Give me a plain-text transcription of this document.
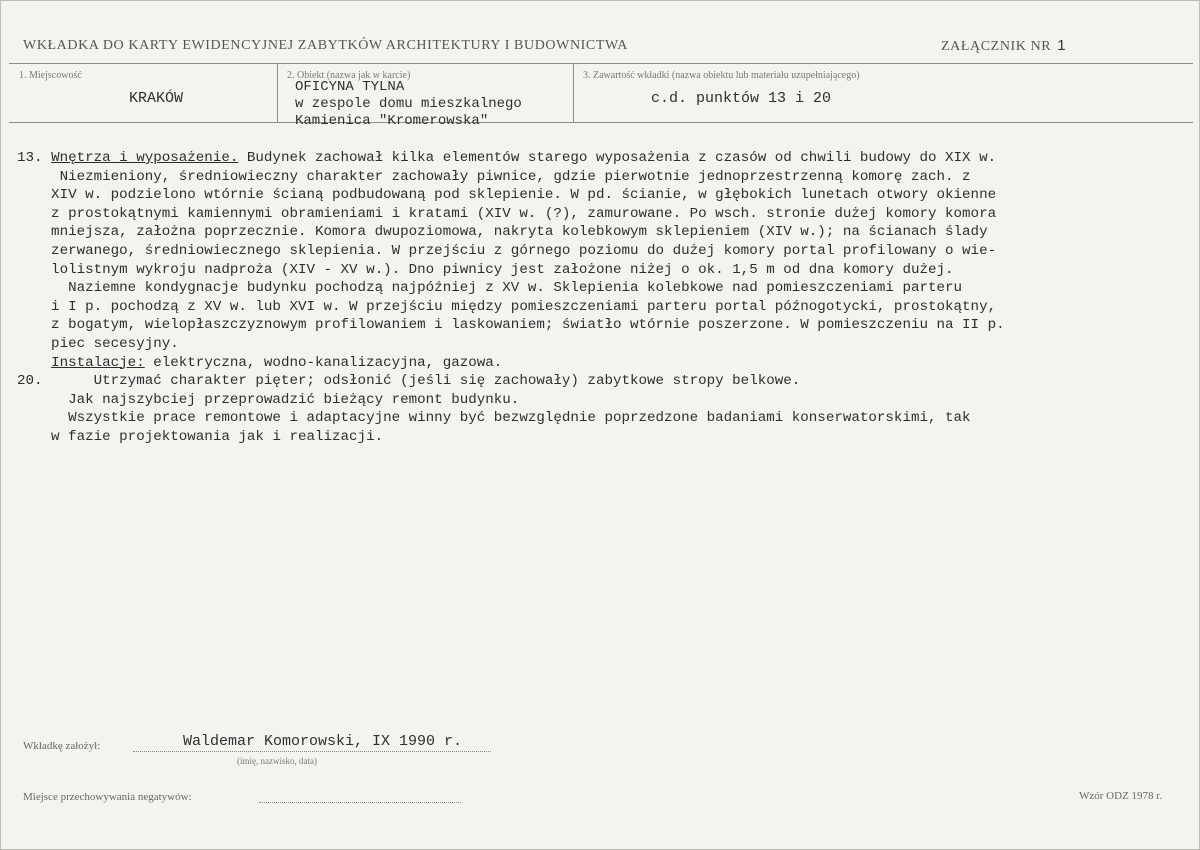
WKŁADKA DO KARTY EWIDENCYJNEJ ZABYTKÓW ARCHITEKTURY I BUDOWNICTWA	ZAŁĄCZNIK NR 1
1. Miejscowość
KRAKÓW
2. Obiekt (nazwa jak w karcie)
OFICYNA TYLNA
w zespole domu mieszkalnego
Kamienica "Kromerowska"
3. Zawartość wkładki (nazwa obiektu lub materiału uzupełniającego)
c.d. punktów 13 i 20
13. Wnętrza i wyposażenie. Budynek zachował kilka elementów starego wyposażenia z czasów od chwili budowy do XIX w.
Niezmieniony, średniowieczny charakter zachowały piwnice, gdzie pierwotnie jednoprzestrzenną komorę zach. z
XIV w. podzielono wtórnie ścianą podbudowaną pod sklepienie. W pd. ścianie, w głębokich lunetach otwory okienne
z prostokątnymi kamiennymi obramieniami i kratami (XIV w. (?), zamurowane. Po wsch. stronie dużej komory komora
mniejsza, założna poprzecznie. Komora dwupoziomowa, nakryta kolebkowym sklepieniem (XIV w.); na ścianach ślady
zerwanego, średniowiecznego sklepienia. W przejściu z górnego poziomu do dużej komory portal profilowany o wie-
lolistnym wykroju nadproża (XIV - XV w.). Dno piwnicy jest założone niżej o ok. 1,5 m od dna komory dużej.
Naziemne kondygnacje budynku pochodzą najpóźniej z XV w. Sklepienia kolebkowe nad pomieszczeniami parteru
i I p. pochodzą z XV w. lub XVI w. W przejściu między pomieszczeniami parteru portal późnogotycki, prostokątny,
z bogatym, wielopłaszczyznowym profilowaniem i laskowaniem; światło wtórnie poszerzone. W pomieszczeniu na II p.
piec secesyjny.
Instalacje: elektryczna, wodno-kanalizacyjna, gazowa.
20.	Utrzymać charakter pięter; odsłonić (jeśli się zachowały) zabytkowe stropy belkowe.
Jak najszybciej przeprowadzić bieżący remont budynku.
Wszystkie prace remontowe i adaptacyjne winny być bezwzględnie poprzedzone badaniami konserwatorskimi, tak
w fazie projektowania jak i realizacji.
Wkładkę założył:	Waldemar Komorowski, IX 1990 r.
(imię, nazwisko, data)
Miejsce przechowywania negatywów:	Wzór ODZ 1978 r.
